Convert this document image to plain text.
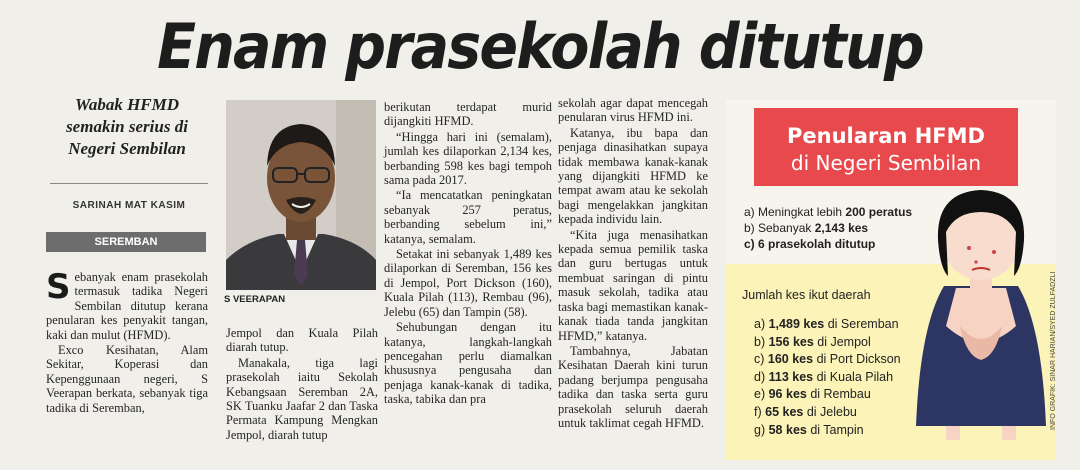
Enam prasekolah ditutup
Wabak HFMD semakin serius di Negeri Sembilan
SARINAH MAT KASIM
SEREMBAN

S ebanyak enam prasekolah termasuk tadika Negeri Sembilan ditutup kerana penularan kes penyakit tangan, kaki dan mulut (HFMD).

Exco Kesihatan, Alam Sekitar, Koperasi dan Kepenggunaan negeri, S Veerapan berkata, sebanyak tiga tadika di Seremban,

S VEERAPAN

Jempol dan Kuala Pilah diarah tutup.

Manakala, tiga lagi prasekolah iaitu Sekolah Kebangsaan Seremban 2A, SK Tuanku Jaafar 2 dan Taska Permata Kampung Mengkan Jempol, diarah tutup

berikutan terdapat murid dijangkiti HFMD.

“Hingga hari ini (semalam), jumlah kes dilaporkan 2,134 kes, berbanding 598 kes bagi tempoh sama pada 2017.

“Ia mencatatkan peningkatan sebanyak 257 peratus, berbanding sebelum ini,” katanya, semalam.

Setakat ini sebanyak 1,489 kes dilaporkan di Seremban, 156 kes di Jempol, Port Dickson (160), Kuala Pilah (113), Rembau (96), Jelebu (65) dan Tampin (58).

Sehubungan dengan itu katanya, langkah-langkah pencegahan perlu diamalkan khususnya pengusaha dan penjaga kanak-kanak di tadika, taska, tabika dan pra

sekolah agar dapat mencegah penularan virus HFMD ini.

Katanya, ibu bapa dan penjaga dinasihatkan supaya tidak membawa kanak-kanak yang dijangkiti HFMD ke tempat awam atau ke sekolah bagi mengelakkan jangkitan kepada individu lain.

“Kita juga menasihatkan kepada semua pemilik taska dan guru bertugas untuk membuat saringan di pintu masuk sekolah, tadika atau taska bagi memastikan kanak-kanak tiada tanda jangkitan HFMD,” katanya.

Tambahnya, Jabatan Kesihatan Daerah kini turun padang berjumpa pengusaha tadika dan taska serta guru prasekolah seluruh daerah untuk taklimat cegah HFMD.

Penularan HFMD
di Negeri Sembilan
a) Meningkat lebih 200 peratus
b) Sebanyak 2,143 kes
c) 6 prasekolah ditutup
Jumlah kes ikut daerah
a) 1,489 kes di Seremban
b) 156 kes di Jempol
c) 160 kes di Port Dickson
d) 113 kes di Kuala Pilah
e) 96 kes di Rembau
f) 65 kes di Jelebu
g) 58 kes di Tampin	INFO GRAFIK: SINAR HARIAN/SYED ZULFADZLI
